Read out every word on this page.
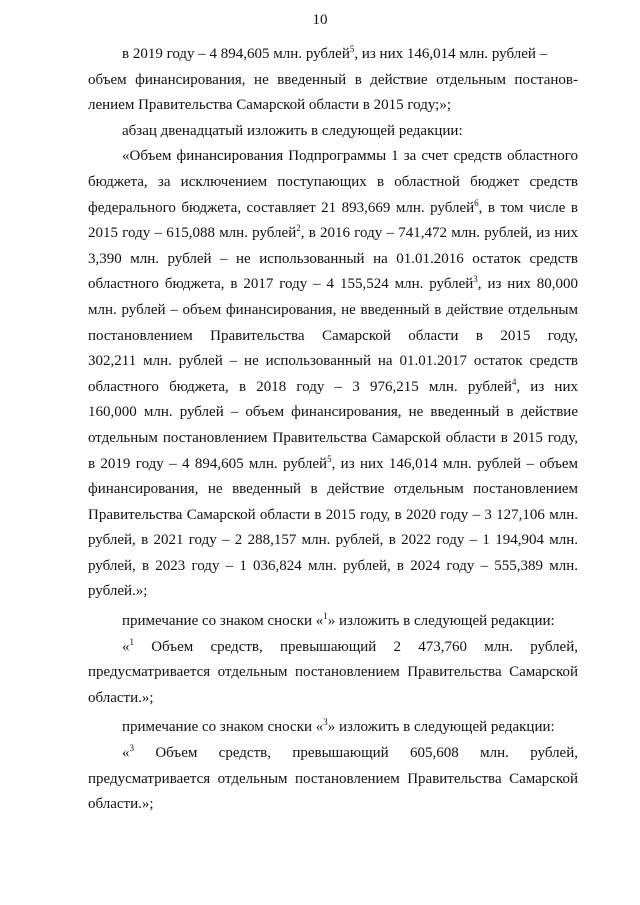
10
в 2019 году – 4 894,605 млн. рублей$^5$, из них 146,014 млн. рублей –
объем финансирования, не введенный в действие отдельным постанов-
лением Правительства Самарской области в 2015 году;»;
абзац двенадцатый изложить в следующей редакции:
«Объем финансирования Подпрограммы 1 за счет средств областного
бюджета, за исключением поступающих в областной бюджет средств
федерального бюджета, составляет 21 893,669 млн. рублей$^6$, в том числе в
2015 году – 615,088 млн. рублей$^2$, в 2016 году – 741,472 млн. рублей, из них
3,390 млн. рублей – не использованный на 01.01.2016 остаток средств
областного бюджета, в 2017 году – 4 155,524 млн. рублей$^3$, из них 80,000
млн. рублей – объем финансирования, не введенный в действие отдельным
постановлением Правительства Самарской области в 2015 году,
302,211 млн. рублей – не использованный на 01.01.2017 остаток средств
областного бюджета, в 2018 году – 3 976,215 млн. рублей$^4$, из них
160,000 млн. рублей – объем финансирования, не введенный в действие
отдельным постановлением Правительства Самарской области в 2015 году,
в 2019 году – 4 894,605 млн. рублей$^5$, из них 146,014 млн. рублей – объем
финансирования, не введенный в действие отдельным постановлением
Правительства Самарской области в 2015 году, в 2020 году – 3 127,106 млн.
рублей, в 2021 году – 2 288,157 млн. рублей, в 2022 году – 1 194,904 млн.
рублей, в 2023 году – 1 036,824 млн. рублей, в 2024 году – 555,389 млн.
рублей.»;
примечание со знаком сноски «$^1$» изложить в следующей редакции:
«$^1$ Объем средств, превышающий 2 473,760 млн. рублей,
предусматривается отдельным постановлением Правительства Самарской
области.»;
примечание со знаком сноски «$^3$» изложить в следующей редакции:
«$^3$ Объем средств, превышающий 605,608 млн. рублей,
предусматривается отдельным постановлением Правительства Самарской
области.»;
